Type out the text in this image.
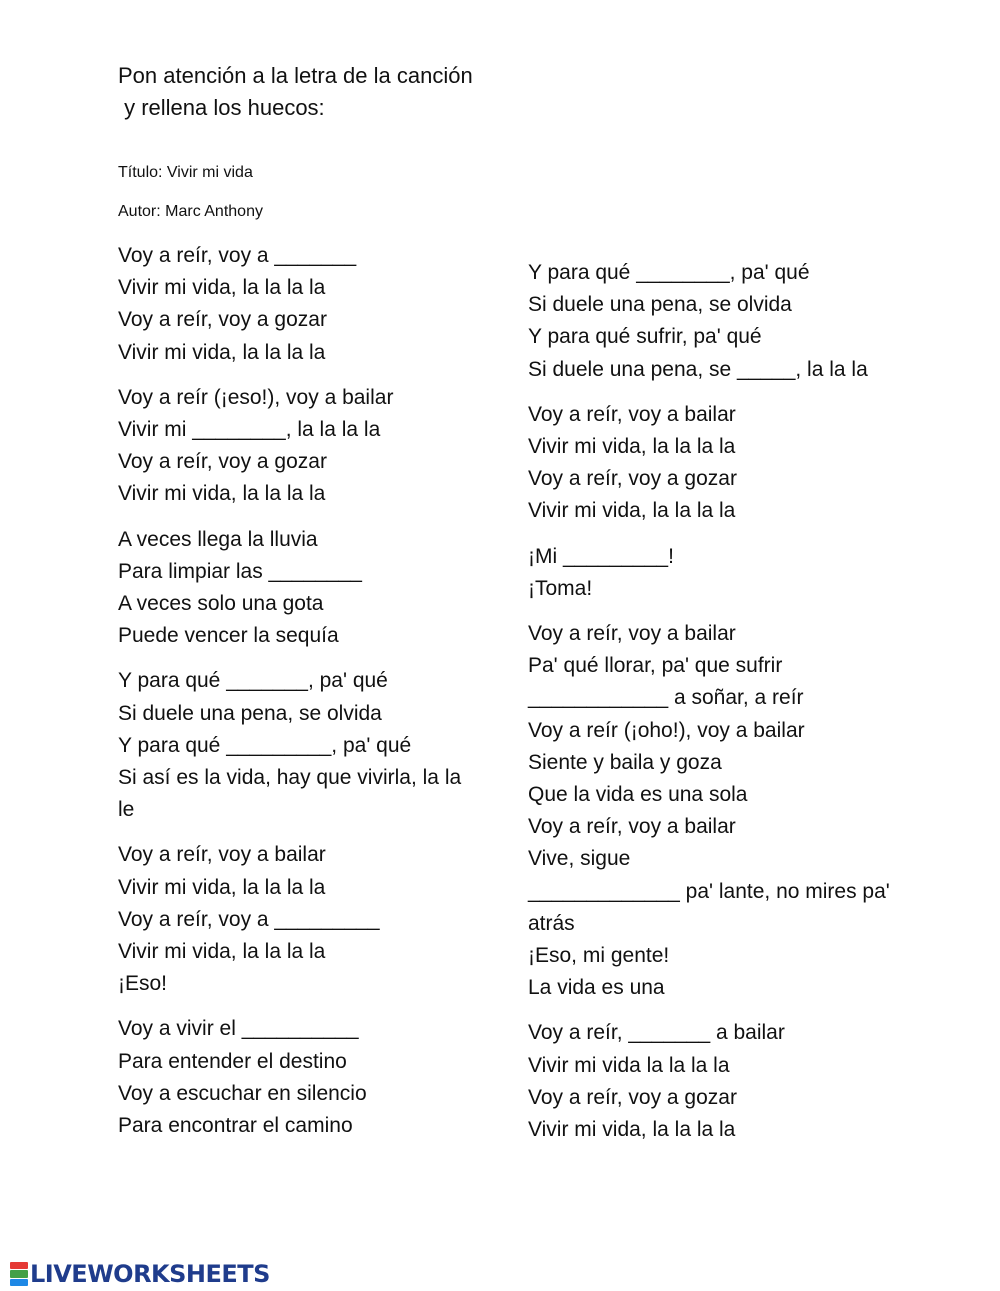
Pon atención a la letra de la canción
y rellena los huecos:
Título: Vivir mi vida
Autor: Marc Anthony
Voy a reír, voy a _______
Vivir mi vida, la la la la
Voy a reír, voy a gozar
Vivir mi vida, la la la la
Voy a reír (¡eso!), voy a bailar
Vivir mi ________, la la la la
Voy a reír, voy a gozar
Vivir mi vida, la la la la
A veces llega la lluvia
Para limpiar las ________
A veces solo una gota
Puede vencer la sequía
Y para qué _______, pa' qué
Si duele una pena, se olvida
Y para qué _________, pa' qué
Si así es la vida, hay que vivirla, la la le
Voy a reír, voy a bailar
Vivir mi vida, la la la la
Voy a reír, voy a _________
Vivir mi vida, la la la la
¡Eso!
Voy a vivir el __________
Para entender el destino
Voy a escuchar en silencio
Para encontrar el camino
Y para qué ________, pa' qué
Si duele una pena, se olvida
Y para qué sufrir, pa' qué
Si duele una pena, se _____, la la la
Voy a reír, voy a bailar
Vivir mi vida, la la la la
Voy a reír, voy a gozar
Vivir mi vida, la la la la
¡Mi _________!
¡Toma!
Voy a reír, voy a bailar
Pa' qué llorar, pa' que sufrir
____________ a soñar, a reír
Voy a reír (¡oho!), voy a bailar
Siente y baila y goza
Que la vida es una sola
Voy a reír, voy a bailar
Vive, sigue
_____________ pa' lante, no mires pa' atrás
¡Eso, mi gente!
La vida es una
Voy a reír, _______ a bailar
Vivir mi vida la la la la
Voy a reír, voy a gozar
Vivir mi vida, la la la la
LIVEWORKSHEETS
